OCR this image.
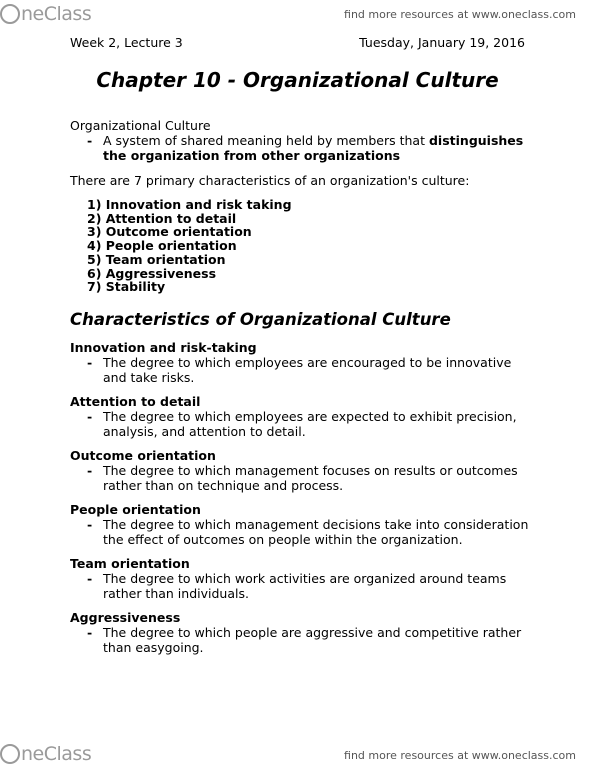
neClass	find more resources at www.oneclass.com
Week 2, Lecture 3	Tuesday, January 19, 2016
Chapter 10 - Organizational Culture

Organizational Culture

- A system of shared meaning held by members that distinguishes the organization from other organizations

There are 7 primary characteristics of an organization's culture:

1) Innovation and risk taking
2) Attention to detail
3) Outcome orientation
4) People orientation
5) Team orientation
6) Aggressiveness
7) Stability
Characteristics of Organizational Culture

Innovation and risk-taking

- The degree to which employees are encouraged to be innovative and take risks.

Attention to detail

- The degree to which employees are expected to exhibit precision, analysis, and attention to detail.

Outcome orientation

- The degree to which management focuses on results or outcomes rather than on technique and process.

People orientation

- The degree to which management decisions take into consideration the effect of outcomes on people within the organization.

Team orientation

- The degree to which work activities are organized around teams rather than individuals.

Aggressiveness

- The degree to which people are aggressive and competitive rather than easygoing.
neClass	find more resources at www.oneclass.com
